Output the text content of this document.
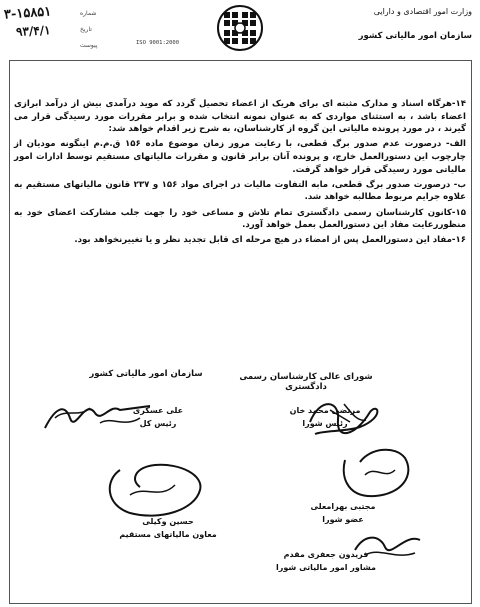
وزارت امور اقتصادی و دارایی
سازمان امور مالیاتی کشور
ISO 9001:2000
۳-۱۵۸۵۱
۹۳/۴/۱
شماره
تاریخ
پیوست

۱۴-هرگاه اسناد و مدارک مثبته ای برای هریک از اعضاء تحصیل گردد که موید درآمدی بیش از درآمد ابرازی اعضاء باشد ، به استثنای مواردی که به عنوان نمونه انتخاب شده و برابر مقررات مورد رسیدگی قرار می گیرند ، در مورد پرونده مالیاتی این گروه از کارشناسان، به شرح زیر اقدام خواهد شد:

الف- درصورت عدم صدور برگ قطعی، با رعایت مرور زمان موضوع ماده ۱۵۶ ق.م.م اینگونه مودیان از چارچوب این دستورالعمل خارج، و پرونده آنان برابر قانون و مقررات مالیاتهای مستقیم توسط ادارات امور مالیاتی مورد رسیدگی قرار خواهد گرفت.

ب- درصورت صدور برگ قطعی، مابه التفاوت مالیات در اجرای مواد ۱۵۶ و ۲۳۷ قانون مالیاتهای مستقیم به علاوه جرایم مربوط مطالبه خواهد شد.

۱۵-کانون کارشناسان رسمی دادگستری تمام تلاش و مساعی خود را جهت جلب مشارکت اعضای خود به منظوررعایت مفاد این دستورالعمل بعمل خواهد آورد.

۱۶-مفاد این دستورالعمل پس از امضاء در هیچ مرحله ای قابل تجدید نظر و یا تغییرنخواهد بود.

شورای عالی کارشناسان رسمی دادگستری
سازمان امور مالیاتی کشور
مرتضی محمد خان
رئیس شورا
علی عسکری
رئیس کل
حسین وکیلی
معاون مالیاتهای مستقیم
مجتبی بهرامعلی
عضو شورا
فریدون جعفری مقدم
مشاور امور مالیاتی شورا
